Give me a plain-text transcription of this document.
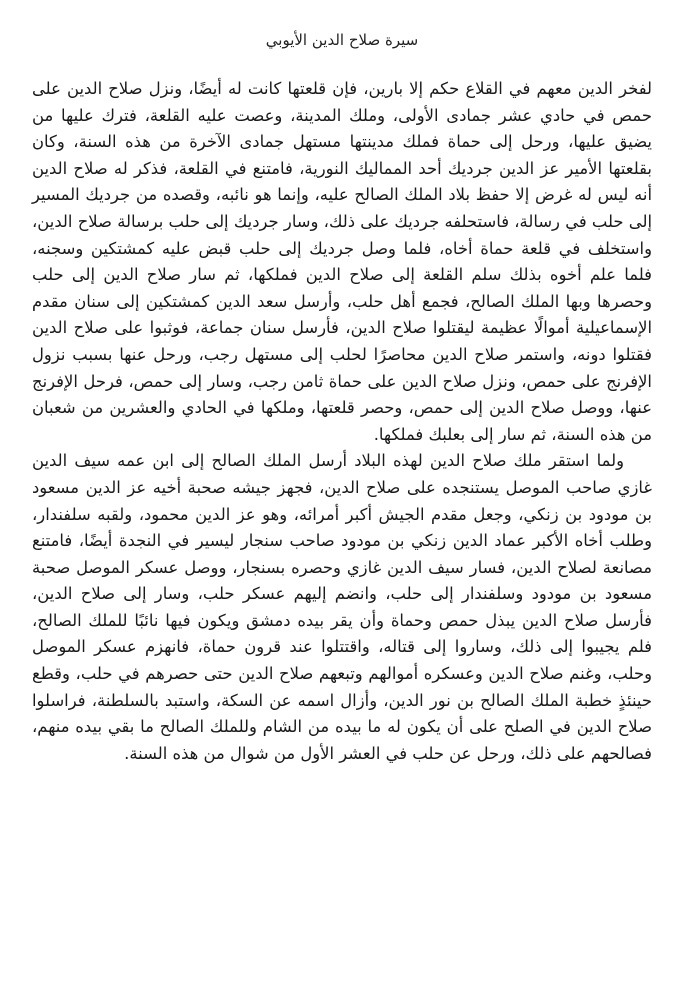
سيرة صلاح الدين الأيوبي

لفخر الدين معهم في القلاع حكم إلا بارين، فإن قلعتها كانت له أيضًا، ونزل صلاح الدين على حمص في حادي عشر جمادى الأولى، وملك المدينة، وعصت عليه القلعة، فترك عليها من يضيق عليها، ورحل إلى حماة فملك مدينتها مستهل جمادى الآخرة من هذه السنة، وكان بقلعتها الأمير عز الدين جرديك أحد المماليك النورية، فامتنع في القلعة، فذكر له صلاح الدين أنه ليس له غرض إلا حفظ بلاد الملك الصالح عليه، وإنما هو نائبه، وقصده من جرديك المسير إلى حلب في رسالة، فاستحلفه جرديك على ذلك، وسار جرديك إلى حلب برسالة صلاح الدين، واستخلف في قلعة حماة أخاه، فلما وصل جرديك إلى حلب قبض عليه كمشتكين وسجنه، فلما علم أخوه بذلك سلم القلعة إلى صلاح الدين فملكها، ثم سار صلاح الدين إلى حلب وحصرها وبها الملك الصالح، فجمع أهل حلب، وأرسل سعد الدين كمشتكين إلى سنان مقدم الإسماعيلية أموالًا عظيمة ليقتلوا صلاح الدين، فأرسل سنان جماعة، فوثبوا على صلاح الدين فقتلوا دونه، واستمر صلاح الدين محاصرًا لحلب إلى مستهل رجب، ورحل عنها بسبب نزول الإفرنج على حمص، ونزل صلاح الدين على حماة ثامن رجب، وسار إلى حمص، فرحل الإفرنج عنها، ووصل صلاح الدين إلى حمص، وحصر قلعتها، وملكها في الحادي والعشرين من شعبان من هذه السنة، ثم سار إلى بعلبك فملكها.

ولما استقر ملك صلاح الدين لهذه البلاد أرسل الملك الصالح إلى ابن عمه سيف الدين غازي صاحب الموصل يستنجده على صلاح الدين، فجهز جيشه صحبة أخيه عز الدين مسعود بن مودود بن زنكي، وجعل مقدم الجيش أكبر أمرائه، وهو عز الدين محمود، ولقبه سلفندار، وطلب أخاه الأكبر عماد الدين زنكي بن مودود صاحب سنجار ليسير في النجدة أيضًا، فامتنع مصانعة لصلاح الدين، فسار سيف الدين غازي وحصره بسنجار، ووصل عسكر الموصل صحبة مسعود بن مودود وسلفندار إلى حلب، وانضم إليهم عسكر حلب، وسار إلى صلاح الدين، فأرسل صلاح الدين يبذل حمص وحماة وأن يقر بيده دمشق ويكون فيها نائبًا للملك الصالح، فلم يجيبوا إلى ذلك، وساروا إلى قتاله، واقتتلوا عند قرون حماة، فانهزم عسكر الموصل وحلب، وغنم صلاح الدين وعسكره أموالهم وتبعهم صلاح الدين حتى حصرهم في حلب، وقطع حينئذٍ خطبة الملك الصالح بن نور الدين، وأزال اسمه عن السكة، واستبد بالسلطنة، فراسلوا صلاح الدين في الصلح على أن يكون له ما بيده من الشام وللملك الصالح ما بقي بيده منهم، فصالحهم على ذلك، ورحل عن حلب في العشر الأول من شوال من هذه السنة.
